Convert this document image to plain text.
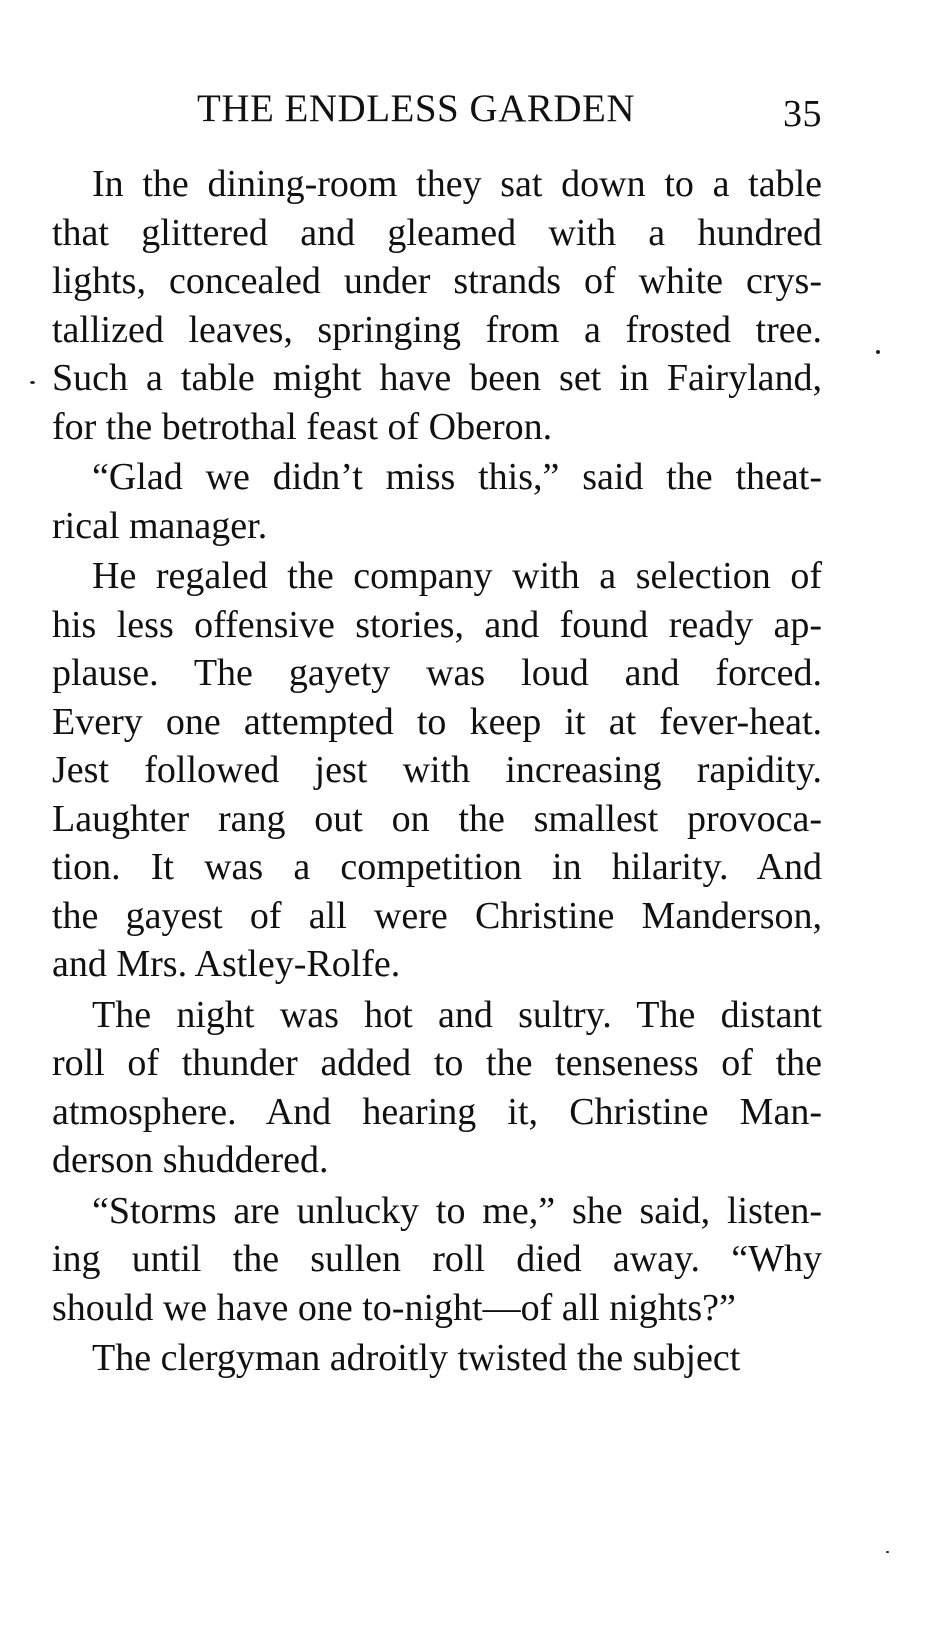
THE ENDLESS GARDEN	35

In the dining-room they sat down to a table
that glittered and gleamed with a hundred
lights, concealed under strands of white crys-
tallized leaves, springing from a frosted tree.
Such a table might have been set in Fairyland,
for the betrothal feast of Oberon.

“Glad we didn’t miss this,” said the theat-
rical manager.

He regaled the company with a selection of
his less offensive stories, and found ready ap-
plause. The gayety was loud and forced.
Every one attempted to keep it at fever-heat.
Jest followed jest with increasing rapidity.
Laughter rang out on the smallest provoca-
tion. It was a competition in hilarity. And
the gayest of all were Christine Manderson,
and Mrs. Astley-Rolfe.

The night was hot and sultry. The distant
roll of thunder added to the tenseness of the
atmosphere. And hearing it, Christine Man-
derson shuddered.

“Storms are unlucky to me,” she said, listen-
ing until the sullen roll died away. “Why
should we have one to-night—of all nights?”

The clergyman adroitly twisted the subject
